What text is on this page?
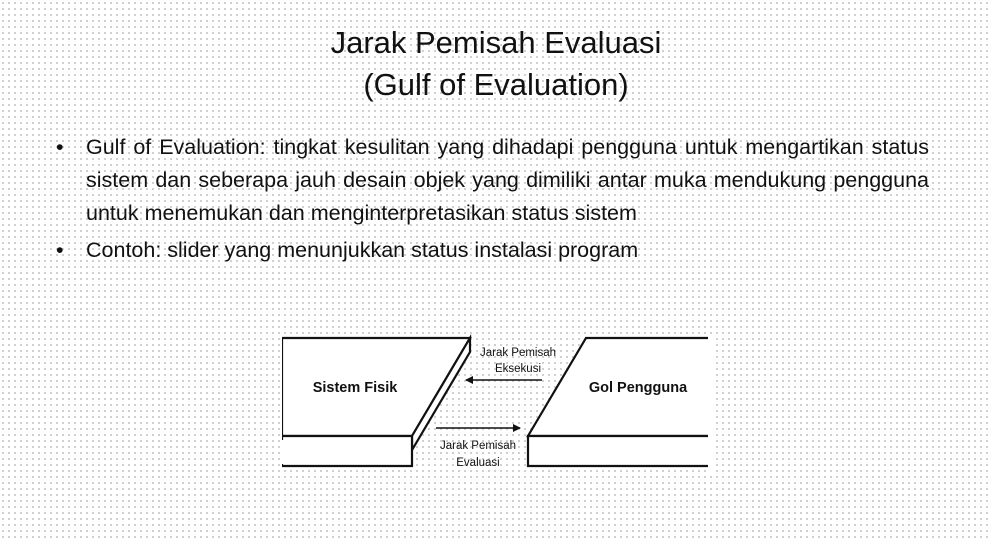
Jarak Pemisah Evaluasi
(Gulf of Evaluation)
•	Gulf of Evaluation: tingkat kesulitan yang dihadapi pengguna untuk mengartikan status sistem dan seberapa jauh desain objek yang dimiliki antar muka mendukung pengguna untuk menemukan dan menginterpretasikan status sistem
•	Contoh: slider yang menunjukkan status instalasi program
Sistem Fisik	Gol Pengguna
Jarak Pemisah
Eksekusi
Jarak Pemisah
Evaluasi
